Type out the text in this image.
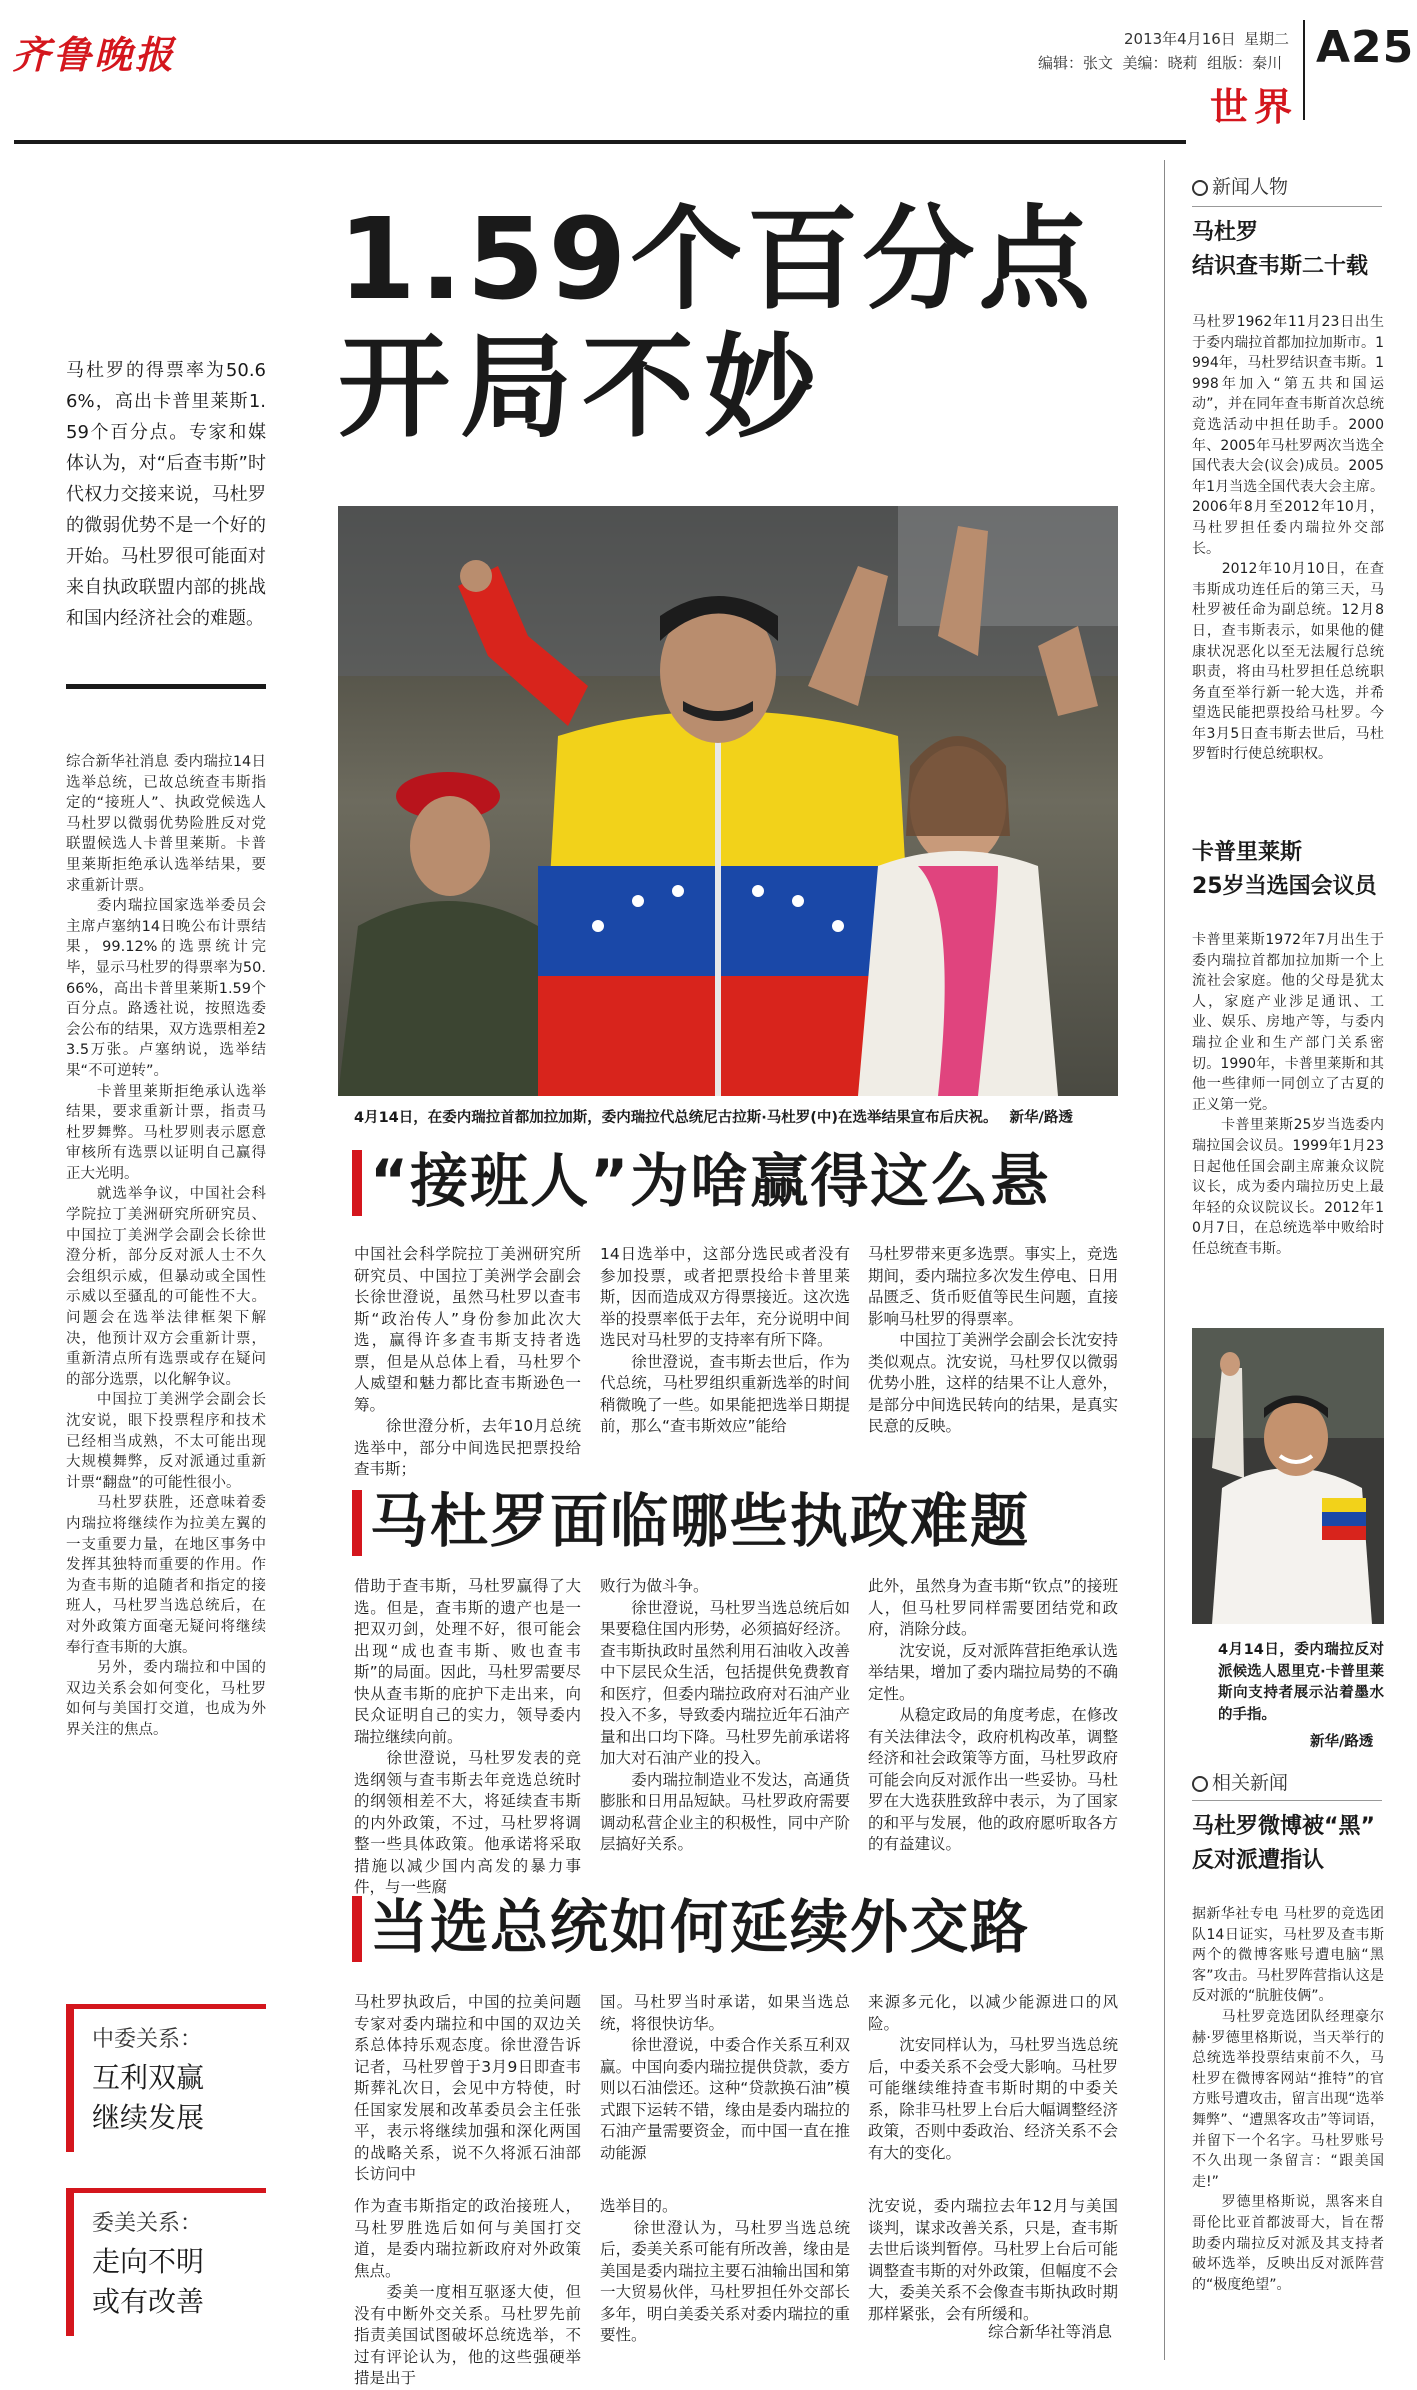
齐鲁晚报	2013年4月16日 星期二
编辑：张文  美编：晓莉  组版：秦川 A25
世界
1.59个百分点
开局不妙
马杜罗的得票率为50.66%，高出卡普里莱斯1.59个百分点。专家和媒体认为，对“后查韦斯”时代权力交接来说，马杜罗的微弱优势不是一个好的开始。马杜罗很可能面对来自执政联盟内部的挑战和国内经济社会的难题。
综合新华社消息 委内瑞拉14日选举总统，已故总统查韦斯指定的“接班人”、执政党候选人马杜罗以微弱优势险胜反对党联盟候选人卡普里莱斯。卡普里莱斯拒绝承认选举结果，要求重新计票。
　　委内瑞拉国家选举委员会主席卢塞纳14日晚公布计票结果，99.12%的选票统计完毕，显示马杜罗的得票率为50.66%，高出卡普里莱斯1.59个百分点。路透社说，按照选委会公布的结果，双方选票相差23.5万张。卢塞纳说，选举结果“不可逆转”。
　　卡普里莱斯拒绝承认选举结果，要求重新计票，指责马杜罗舞弊。马杜罗则表示愿意审核所有选票以证明自己赢得正大光明。
　　就选举争议，中国社会科学院拉丁美洲研究所研究员、中国拉丁美洲学会副会长徐世澄分析，部分反对派人士不久会组织示威，但暴动或全国性示威以至骚乱的可能性不大。问题会在选举法律框架下解决，他预计双方会重新计票，重新清点所有选票或存在疑问的部分选票，以化解争议。
　　中国拉丁美洲学会副会长沈安说，眼下投票程序和技术已经相当成熟，不太可能出现大规模舞弊，反对派通过重新计票“翻盘”的可能性很小。
　　马杜罗获胜，还意味着委内瑞拉将继续作为拉美左翼的一支重要力量，在地区事务中发挥其独特而重要的作用。作为查韦斯的追随者和指定的接班人，马杜罗当选总统后，在对外政策方面毫无疑问将继续奉行查韦斯的大旗。
　　另外，委内瑞拉和中国的双边关系会如何变化，马杜罗如何与美国打交道，也成为外界关注的焦点。
中委关系：
互利双赢
继续发展
委美关系：
走向不明
或有改善
4月14日，在委内瑞拉首都加拉加斯，委内瑞拉代总统尼古拉斯·马杜罗(中)在选举结果宣布后庆祝。 新华/路透
“接班人”为啥赢得这么悬
中国社会科学院拉丁美洲研究所研究员、中国拉丁美洲学会副会长徐世澄说，虽然马杜罗以查韦斯“政治传人”身份参加此次大选，赢得许多查韦斯支持者选票，但是从总体上看，马杜罗个人威望和魅力都比查韦斯逊色一筹。
　　徐世澄分析，去年10月总统选举中，部分中间选民把票投给查韦斯；
14日选举中，这部分选民或者没有参加投票，或者把票投给卡普里莱斯，因而造成双方得票接近。这次选举的投票率低于去年，充分说明中间选民对马杜罗的支持率有所下降。
　　徐世澄说，查韦斯去世后，作为代总统，马杜罗组织重新选举的时间稍微晚了一些。如果能把选举日期提前，那么“查韦斯效应”能给
马杜罗带来更多选票。事实上，竞选期间，委内瑞拉多次发生停电、日用品匮乏、货币贬值等民生问题，直接影响马杜罗的得票率。
　　中国拉丁美洲学会副会长沈安持类似观点。沈安说，马杜罗仅以微弱优势小胜，这样的结果不让人意外，是部分中间选民转向的结果，是真实民意的反映。
马杜罗面临哪些执政难题
借助于查韦斯，马杜罗赢得了大选。但是，查韦斯的遗产也是一把双刃剑，处理不好，很可能会出现“成也查韦斯、败也查韦斯”的局面。因此，马杜罗需要尽快从查韦斯的庇护下走出来，向民众证明自己的实力，领导委内瑞拉继续向前。
　　徐世澄说，马杜罗发表的竞选纲领与查韦斯去年竞选总统时的纲领相差不大，将延续查韦斯的内外政策，不过，马杜罗将调整一些具体政策。他承诺将采取措施以减少国内高发的暴力事件，与一些腐
败行为做斗争。
　　徐世澄说，马杜罗当选总统后如果要稳住国内形势，必须搞好经济。查韦斯执政时虽然利用石油收入改善中下层民众生活，包括提供免费教育和医疗，但委内瑞拉政府对石油产业投入不多，导致委内瑞拉近年石油产量和出口均下降。马杜罗先前承诺将加大对石油产业的投入。
　　委内瑞拉制造业不发达，高通货膨胀和日用品短缺。马杜罗政府需要调动私营企业主的积极性，同中产阶层搞好关系。
此外，虽然身为查韦斯“钦点”的接班人，但马杜罗同样需要团结党和政府，消除分歧。
　　沈安说，反对派阵营拒绝承认选举结果，增加了委内瑞拉局势的不确定性。
　　从稳定政局的角度考虑，在修改有关法律法令，政府机构改革，调整经济和社会政策等方面，马杜罗政府可能会向反对派作出一些妥协。马杜罗在大选获胜致辞中表示，为了国家的和平与发展，他的政府愿听取各方的有益建议。
当选总统如何延续外交路
马杜罗执政后，中国的拉美问题专家对委内瑞拉和中国的双边关系总体持乐观态度。徐世澄告诉记者，马杜罗曾于3月9日即查韦斯葬礼次日，会见中方特使，时任国家发展和改革委员会主任张平，表示将继续加强和深化两国的战略关系，说不久将派石油部长访问中
国。马杜罗当时承诺，如果当选总统，将很快访华。
　　徐世澄说，中委合作关系互利双赢。中国向委内瑞拉提供贷款，委方则以石油偿还。这种“贷款换石油”模式跟下运转不错，缘由是委内瑞拉的石油产量需要资金，而中国一直在推动能源
来源多元化，以减少能源进口的风险。
　　沈安同样认为，马杜罗当选总统后，中委关系不会受大影响。马杜罗可能继续维持查韦斯时期的中委关系，除非马杜罗上台后大幅调整经济政策，否则中委政治、经济关系不会有大的变化。
作为查韦斯指定的政治接班人，马杜罗胜选后如何与美国打交道，是委内瑞拉新政府对外政策焦点。
　　委美一度相互驱逐大使，但没有中断外交关系。马杜罗先前指责美国试图破坏总统选举，不过有评论认为，他的这些强硬举措是出于
选举目的。
　　徐世澄认为，马杜罗当选总统后，委美关系可能有所改善，缘由是美国是委内瑞拉主要石油输出国和第一大贸易伙伴，马杜罗担任外交部长多年，明白美委关系对委内瑞拉的重要性。
沈安说，委内瑞拉去年12月与美国谈判，谋求改善关系，只是，查韦斯去世后谈判暂停。马杜罗上台后可能调整查韦斯的对外政策，但幅度不会大，委美关系不会像查韦斯执政时期那样紧张，会有所缓和。
综合新华社等消息
新闻人物
马杜罗
结识查韦斯二十载
马杜罗1962年11月23日出生于委内瑞拉首都加拉加斯市。1994年，马杜罗结识查韦斯。1998年加入“第五共和国运动”，并在同年查韦斯首次总统竞选活动中担任助手。2000年、2005年马杜罗两次当选全国代表大会(议会)成员。2005年1月当选全国代表大会主席。2006年8月至2012年10月，马杜罗担任委内瑞拉外交部长。
　　2012年10月10日，在查韦斯成功连任后的第三天，马杜罗被任命为副总统。12月8日，查韦斯表示，如果他的健康状况恶化以至无法履行总统职责，将由马杜罗担任总统职务直至举行新一轮大选，并希望选民能把票投给马杜罗。今年3月5日查韦斯去世后，马杜罗暂时行使总统职权。
卡普里莱斯
25岁当选国会议员
卡普里莱斯1972年7月出生于委内瑞拉首都加拉加斯一个上流社会家庭。他的父母是犹太人，家庭产业涉足通讯、工业、娱乐、房地产等，与委内瑞拉企业和生产部门关系密切。1990年，卡普里莱斯和其他一些律师一同创立了古夏的正义第一党。
　　卡普里莱斯25岁当选委内瑞拉国会议员。1999年1月23日起他任国会副主席兼众议院议长，成为委内瑞拉历史上最年轻的众议院议长。2012年10月7日，在总统选举中败给时任总统查韦斯。
4月14日，委内瑞拉反对派候选人恩里克·卡普里莱斯向支持者展示沾着墨水的手指。
新华/路透
相关新闻
马杜罗微博被“黑”
反对派遭指认
据新华社专电 马杜罗的竞选团队14日证实，马杜罗及查韦斯两个的微博客账号遭电脑“黑客”攻击。马杜罗阵营指认这是反对派的“肮脏伎俩”。
　　马杜罗竞选团队经理豪尔赫·罗德里格斯说，当天举行的总统选举投票结束前不久，马杜罗在微博客网站“推特”的官方账号遭攻击，留言出现“选举舞弊”、“遭黑客攻击”等词语，并留下一个名字。马杜罗账号不久出现一条留言：“跟美国走!”
　　罗德里格斯说，黑客来自哥伦比亚首都波哥大，旨在帮助委内瑞拉反对派及其支持者破坏选举，反映出反对派阵营的“极度绝望”。
